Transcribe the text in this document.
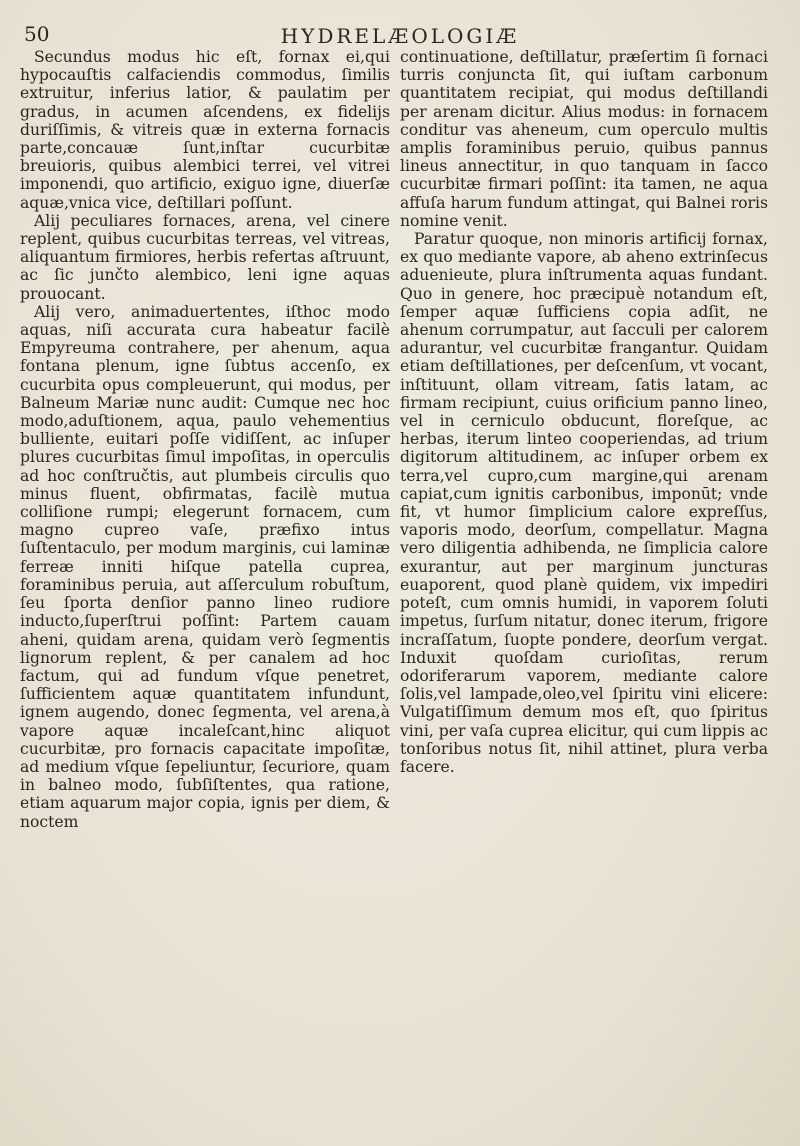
50	HYDRELÆOLOGIÆ

Secundus modus hic eſt, fornax ei,qui hypocauſtis calfaciendis commodus, ſimilis extruitur, inferius latior, & paulatim per gradus, in acumen aſcendens, ex fidelijs duriſſimis, & vitreis quæ in externa fornacis parte,concauæ ſunt,inſtar cucurbitæ breuioris, quibus alembici terrei, vel vitrei imponendi, quo artificio, exiguo igne, diuerſæ aquæ,vnica vice, deſtillari poſſunt.

Alij peculiares fornaces, arena, vel cinere replent, quibus cucurbitas terreas, vel vitreas, aliquantum firmiores, herbis refertas aſtruunt, ac ſic junčto alembico, leni igne aquas prouocant.

Alij vero, animaduertentes, iſthoc modo aquas, niſi accurata cura habeatur facilè Empyreuma contrahere, per ahenum, aqua fontana plenum, igne ſubtus accenſo, ex cucurbita opus compleuerunt, qui modus, per Balneum Mariæ nunc audit: Cumque nec hoc modo,aduſtionem, aqua, paulo vehementius bulliente, euitari poſſe vidiſſent, ac inſuper plures cucurbitas ſimul impoſitas, in operculis ad hoc conſtručtis, aut plumbeis circulis quo minus fluent, obfirmatas, facilè mutua colliſione rumpi; elegerunt fornacem, cum magno cupreo vaſe, præfixo intus ſuſtentaculo, per modum marginis, cui laminæ ferreæ inniti hiſque patella cuprea, foraminibus peruia, aut aſſerculum robuſtum, ſeu ſporta denſior panno lineo rudiore inducto,ſuperſtrui poſſint: Partem cauam aheni, quidam arena, quidam verò ſegmentis lignorum replent, & per canalem ad hoc factum, qui ad fundum vſque penetret, ſufficientem aquæ quantitatem infundunt, ignem augendo, donec ſegmenta, vel arena,à vapore aquæ incaleſcant,hinc aliquot cucurbitæ, pro fornacis capacitate impoſitæ, ad medium vſque ſepeliuntur, ſecuriore, quam in balneo modo, ſubſiſtentes, qua ratione, etiam aquarum major copia, ignis per diem, & noctem

continuatione, deſtillatur, præſertim ſi fornaci turris conjuncta ſit, qui iuſtam carbonum quantitatem recipiat, qui modus deſtillandi per arenam dicitur. Alius modus: in fornacem conditur vas aheneum, cum operculo multis amplis foraminibus peruio, quibus pannus lineus annectitur, in quo tanquam in ſacco cucurbitæ firmari poſſint: ita tamen, ne aqua affuſa harum fundum attingat, qui Balnei roris nomine venit.

Paratur quoque, non minoris artificij fornax, ex quo mediante vapore, ab aheno extrinſecus aduenieute, plura inſtrumenta aquas fundant. Quo in genere, hoc præcipuè notandum eſt, ſemper aquæ ſufficiens copia adſit, ne ahenum corrumpatur, aut ſacculi per calorem adurantur, vel cucurbitæ frangantur. Quidam etiam deſtillationes, per deſcenſum, vt vocant, inſtituunt, ollam vitream, ſatis latam, ac firmam recipiunt, cuius orificium panno lineo, vel in cerniculo obducunt, floreſque, ac herbas, iterum linteo cooperiendas, ad trium digitorum altitudinem, ac inſuper orbem ex terra,vel cupro,cum margine,qui arenam capiat,cum ignitis carbonibus, imponūt; vnde fit, vt humor ſimplicium calore expreſſus, vaporis modo, deorſum, compellatur. Magna vero diligentia adhibenda, ne ſimplicia calore exurantur, aut per marginum juncturas euaporent, quod planè quidem, vix impediri poteſt, cum omnis humidi, in vaporem ſoluti impetus, ſurſum nitatur, donec iterum, frigore incraſſatum, ſuopte pondere, deorſum vergat. Induxit quoſdam curioſitas, rerum odoriferarum vaporem, mediante calore ſolis,vel lampade,oleo,vel ſpiritu vini elicere: Vulgatiſſimum demum mos eſt, quo ſpiritus vini, per vaſa cuprea elicitur, qui cum lippis ac tonſoribus notus ſit, nihil attinet, plura verba facere.
